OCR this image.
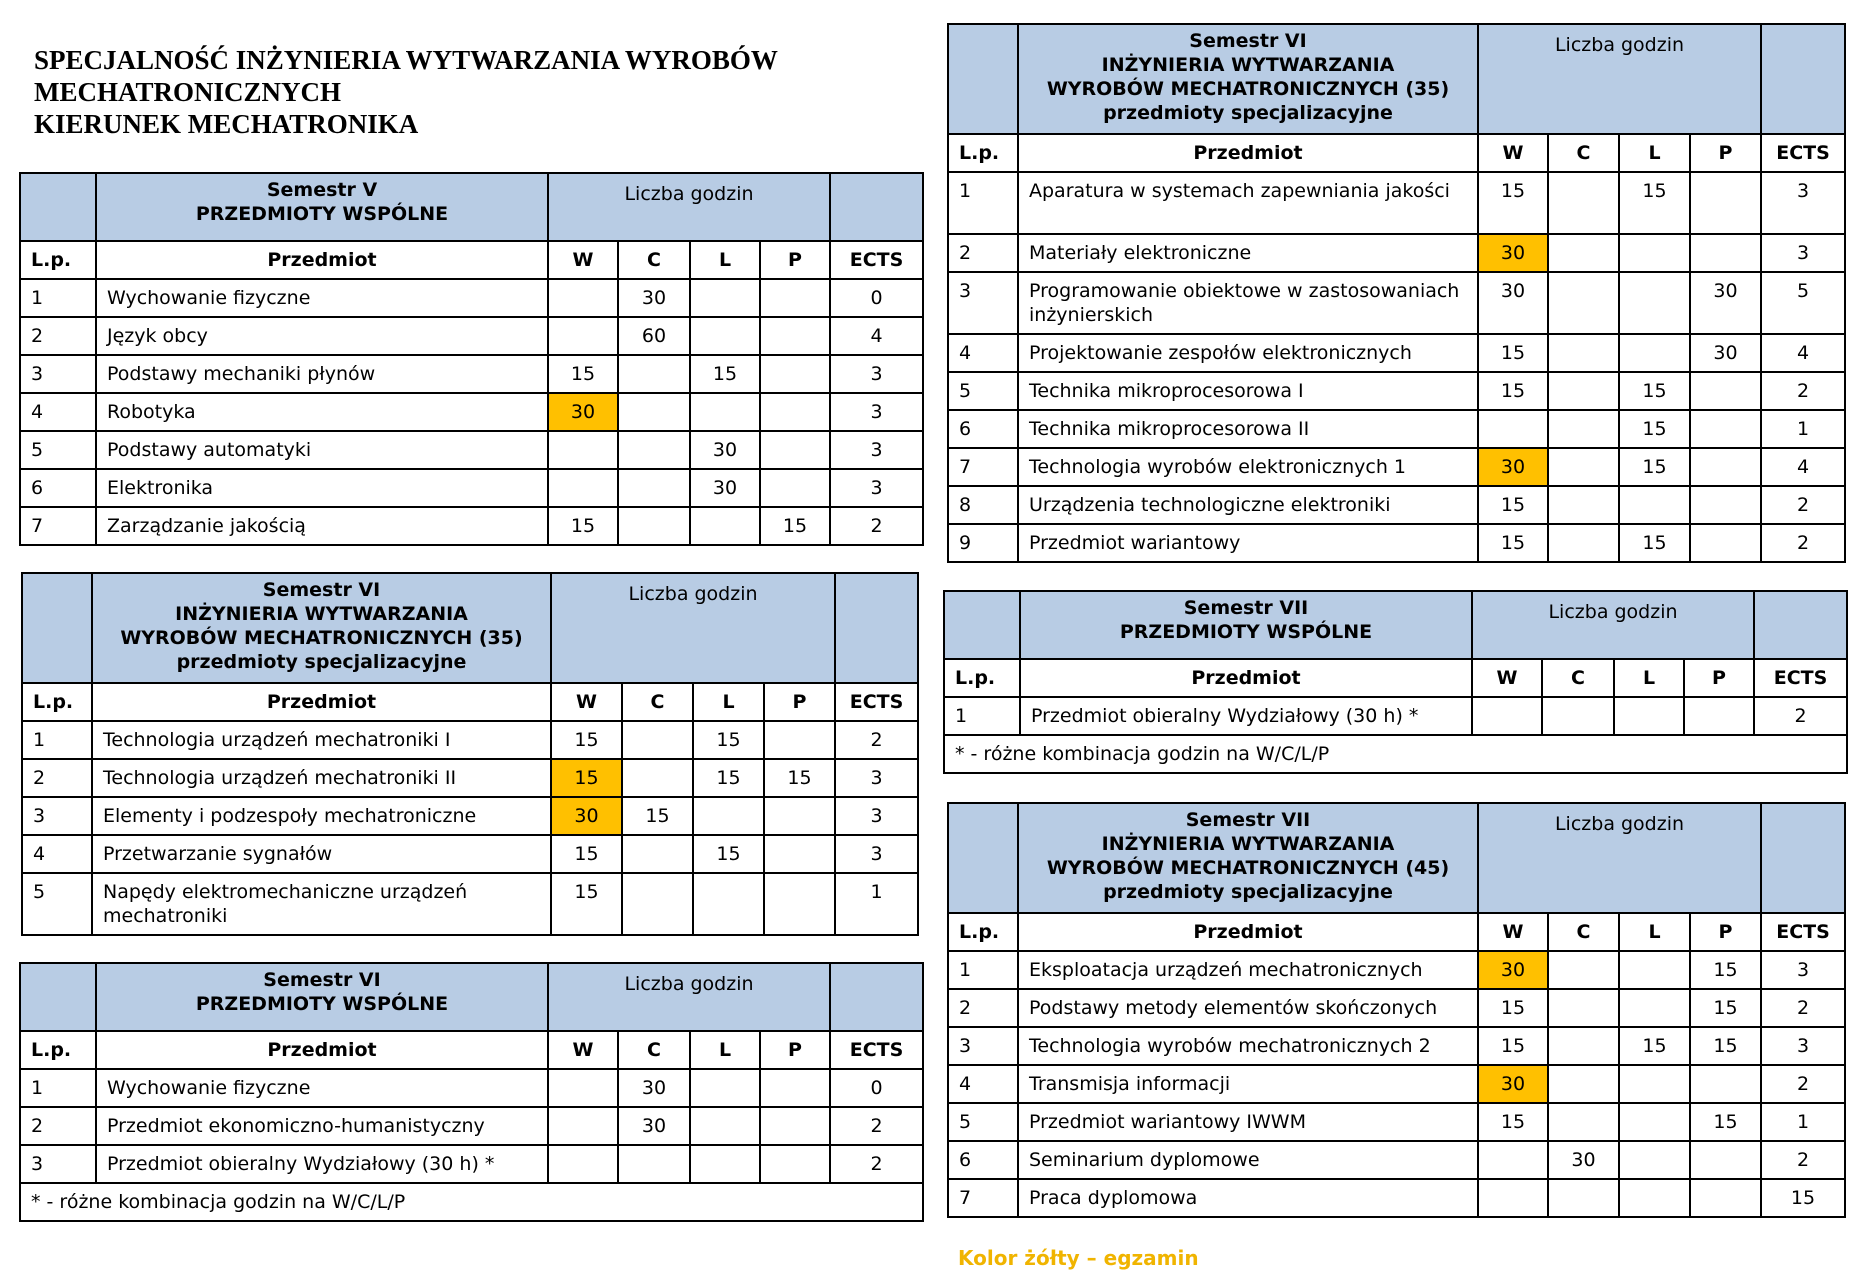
SPECJALNOŚĆ INŻYNIERIA WYTWARZANIA WYROBÓW
MECHATRONICZNYCH
KIERUNEK MECHATRONIKA

	Semestr V
PRZEDMIOTY WSPÓLNE	Liczba godzin				
L.p.	Przedmiot	W	C	L	P	ECTS
1	Wychowanie fizyczne		30			0
2	Język obcy		60			4
3	Podstawy mechaniki płynów	15		15		3
4	Robotyka	30				3
5	Podstawy automatyki			30		3
6	Elektronika			30		3
7	Zarządzanie jakością	15			15	2

	Semestr VI
INŻYNIERIA WYTWARZANIA
WYROBÓW MECHATRONICZNYCH (35)
przedmioty specjalizacyjne	Liczba godzin				
L.p.	Przedmiot	W	C	L	P	ECTS
1	Technologia urządzeń mechatroniki I	15		15		2
2	Technologia urządzeń mechatroniki II	15		15	15	3
3	Elementy i podzespoły mechatroniczne	30	15			3
4	Przetwarzanie sygnałów	15		15		3
5	Napędy elektromechaniczne urządzeń mechatroniki	15				1

	Semestr VI
PRZEDMIOTY WSPÓLNE	Liczba godzin				
L.p.	Przedmiot	W	C	L	P	ECTS
1	Wychowanie fizyczne		30			0
2	Przedmiot ekonomiczno-humanistyczny		30			2
3	Przedmiot obieralny Wydziałowy (30 h) *					2
* - różne kombinacja godzin na W/C/L/P						

	Semestr VI
INŻYNIERIA WYTWARZANIA
WYROBÓW MECHATRONICZNYCH (35)
przedmioty specjalizacyjne	Liczba godzin				
L.p.	Przedmiot	W	C	L	P	ECTS
1	Aparatura w systemach zapewniania jakości	15		15		3
2	Materiały elektroniczne	30				3
3	Programowanie obiektowe w zastosowaniach inżynierskich	30			30	5
4	Projektowanie zespołów elektronicznych	15			30	4
5	Technika mikroprocesorowa I	15		15		2
6	Technika mikroprocesorowa II			15		1
7	Technologia wyrobów elektronicznych 1	30		15		4
8	Urządzenia technologiczne elektroniki	15				2
9	Przedmiot wariantowy	15		15		2

	Semestr VII
PRZEDMIOTY WSPÓLNE	Liczba godzin				
L.p.	Przedmiot	W	C	L	P	ECTS
1	Przedmiot obieralny Wydziałowy (30 h) *					2
* - różne kombinacja godzin na W/C/L/P						

	Semestr VII
INŻYNIERIA WYTWARZANIA
WYROBÓW MECHATRONICZNYCH (45)
przedmioty specjalizacyjne	Liczba godzin				
L.p.	Przedmiot	W	C	L	P	ECTS
1	Eksploatacja urządzeń mechatronicznych	30			15	3
2	Podstawy metody elementów skończonych	15			15	2
3	Technologia wyrobów mechatronicznych 2	15		15	15	3
4	Transmisja informacji	30				2
5	Przedmiot wariantowy IWWM	15			15	1
6	Seminarium dyplomowe		30			2
7	Praca dyplomowa					15
Kolor żółty – egzamin
